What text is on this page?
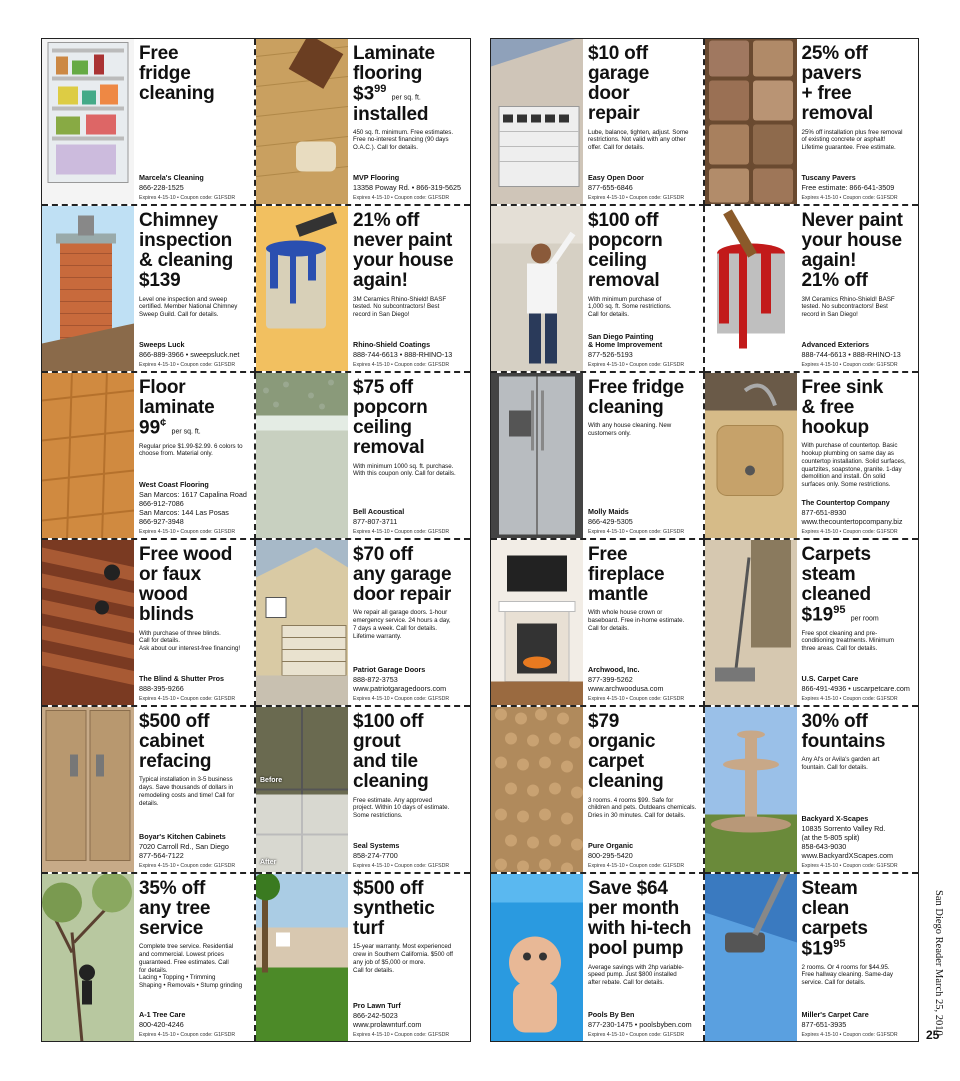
Free
fridge
cleaning
Marcela's Cleaning
866-228-1525
Expires 4-15-10 • Coupon code: G1FSDR
Laminate
flooring
$\$3^{99}$ per sq. ft.
installed
450 sq. ft. minimum. Free estimates.
Free no-interest financing (90 days
O.A.C.). Call for details.
MVP Flooring
13358 Poway Rd. • 866-319-5625
Expires 4-15-10 • Coupon code: G1FSDR
Chimney
inspection
& cleaning
$139
Level one inspection and sweep
certified. Member National Chimney
Sweep Guild. Call for details.
Sweeps Luck
866-889-3966 • sweepsluck.net
Expires 4-15-10 • Coupon code: G1FSDR
21% off
never paint
your house
again!
3M Ceramics Rhino-Shield! BASF
tested. No subcontractors! Best
record in San Diego!
Rhino-Shield Coatings
888-744-6613 • 888-RHINO-13
Expires 4-15-10 • Coupon code: G1FSDR
Floor
laminate
99¢ per sq. ft.
Regular price $1.99-$2.99. 6 colors to
choose from. Material only.
West Coast Flooring
San Marcos: 1617 Capalina Road
866-912-7086
San Marcos: 144 Las Posas
866-927-3948
Expires 4-15-10 • Coupon code: G1FSDR
$75 off
popcorn
ceiling
removal
With minimum 1000 sq. ft. purchase.
With this coupon only. Call for details.
Bell Acoustical
877-807-3711
Expires 4-15-10 • Coupon code: G1FSDR
Free wood
or faux
wood
blinds
With purchase of three blinds.
Call for details.
Ask about our interest-free financing!
The Blind & Shutter Pros
888-395-9266
Expires 4-15-10 • Coupon code: G1FSDR
$70 off
any garage
door repair
We repair all garage doors. 1-hour
emergency service. 24 hours a day,
7 days a week. Call for details.
Lifetime warranty.
Patriot Garage Doors
888-872-3753
www.patriotgaragedoors.com
Expires 4-15-10 • Coupon code: G1FSDR
$500 off
cabinet
refacing
Typical installation in 3-5 business
days. Save thousands of dollars in
remodeling costs and time! Call for
details.
Boyar's Kitchen Cabinets
7020 Carroll Rd., San Diego
877-564-7122
Expires 4-15-10 • Coupon code: G1FSDR
Before
After
$100 off
grout
and tile
cleaning
Free estimate. Any approved
project. Within 10 days of estimate.
Some restrictions.
Seal Systems
858-274-7700
Expires 4-15-10 • Coupon code: G1FSDR
35% off
any tree
service
Complete tree service. Residential
and commercial. Lowest prices
guaranteed. Free estimates. Call
for details.
Lacing • Topping • Trimming
Shaping • Removals • Stump grinding
A-1 Tree Care
800-420-4246
Expires 4-15-10 • Coupon code: G1FSDR
$500 off
synthetic
turf
15-year warranty. Most experienced
crew in Southern California. $500 off
any job of $5,000 or more.
Call for details.
Pro Lawn Turf
866-242-5023
www.prolawnturf.com
Expires 4-15-10 • Coupon code: G1FSDR
$10 off
garage
door
repair
Lube, balance, tighten, adjust. Some
restrictions. Not valid with any other
offer. Call for details.
Easy Open Door
877-655-6846
Expires 4-15-10 • Coupon code: G1FSDR
25% off
pavers
+ free
removal
25% off installation plus free removal
of existing concrete or asphalt!
Lifetime guarantee. Free estimate.
Tuscany Pavers
Free estimate: 866-641-3509
Expires 4-15-10 • Coupon code: G1FSDR
$100 off
popcorn
ceiling
removal
With minimum purchase of
1,000 sq. ft. Some restrictions.
Call for details.
San Diego Painting
& Home Improvement
877-526-5193
Expires 4-15-10 • Coupon code: G1FSDR
Never paint
your house
again!
21% off
3M Ceramics Rhino-Shield! BASF
tested. No subcontractors! Best
record in San Diego!
Advanced Exteriors
888-744-6613 • 888-RHINO-13
Expires 4-15-10 • Coupon code: G1FSDR
Free fridge
cleaning
With any house cleaning. New
customers only.
Molly Maids
866-429-5305
Expires 4-15-10 • Coupon code: G1FSDR
Free sink
& free
hookup
With purchase of countertop. Basic
hookup plumbing on same day as
countertop installation. Solid surfaces,
quartzites, soapstone, granite. 1-day
demolition and install. On solid
surfaces only. Some restrictions.
The Countertop Company
877-651-8930
www.thecountertopcompany.biz
Expires 4-15-10 • Coupon code: G1FSDR
Free
fireplace
mantle
With whole house crown or
baseboard. Free in-home estimate.
Call for details.
Archwood, Inc.
877-399-5262
www.archwoodusa.com
Expires 4-15-10 • Coupon code: G1FSDR
Carpets
steam
cleaned
$\$19^{95}$ per room
Free spot cleaning and pre-
conditioning treatments. Minimum
three areas. Call for details.
U.S. Carpet Care
866-491-4936 • uscarpetcare.com
Expires 4-15-10 • Coupon code: G1FSDR
$79
organic
carpet
cleaning
3 rooms. 4 rooms $99. Safe for
children and pets. Outdeans chemicals.
Dries in 30 minutes. Call for details.
Pure Organic
800-295-5420
Expires 4-15-10 • Coupon code: G1FSDR
30% off
fountains
Any Al's or Avila's garden art
fountain. Call for details.
Backyard X-Scapes
10835 Sorrento Valley Rd.
(at the 5-805 split)
858-643-9030
www.BackyardXScapes.com
Expires 4-15-10 • Coupon code: G1FSDR
Save $64
per month
with hi-tech
pool pump
Average savings with 2hp variable-
speed pump. Just $800 installed
after rebate. Call for details.
Pools By Ben
877-230-1475 • poolsbyben.com
Expires 4-15-10 • Coupon code: G1FSDR
Steam
clean
carpets
$\$19^{95}$
2 rooms. Or 4 rooms for $44.95.
Free hallway cleaning. Same-day
service. Call for details.
Miller's Carpet Care
877-651-3935
Expires 4-15-10 • Coupon code: G1FSDR	San Diego Reader March 25, 2010
25
